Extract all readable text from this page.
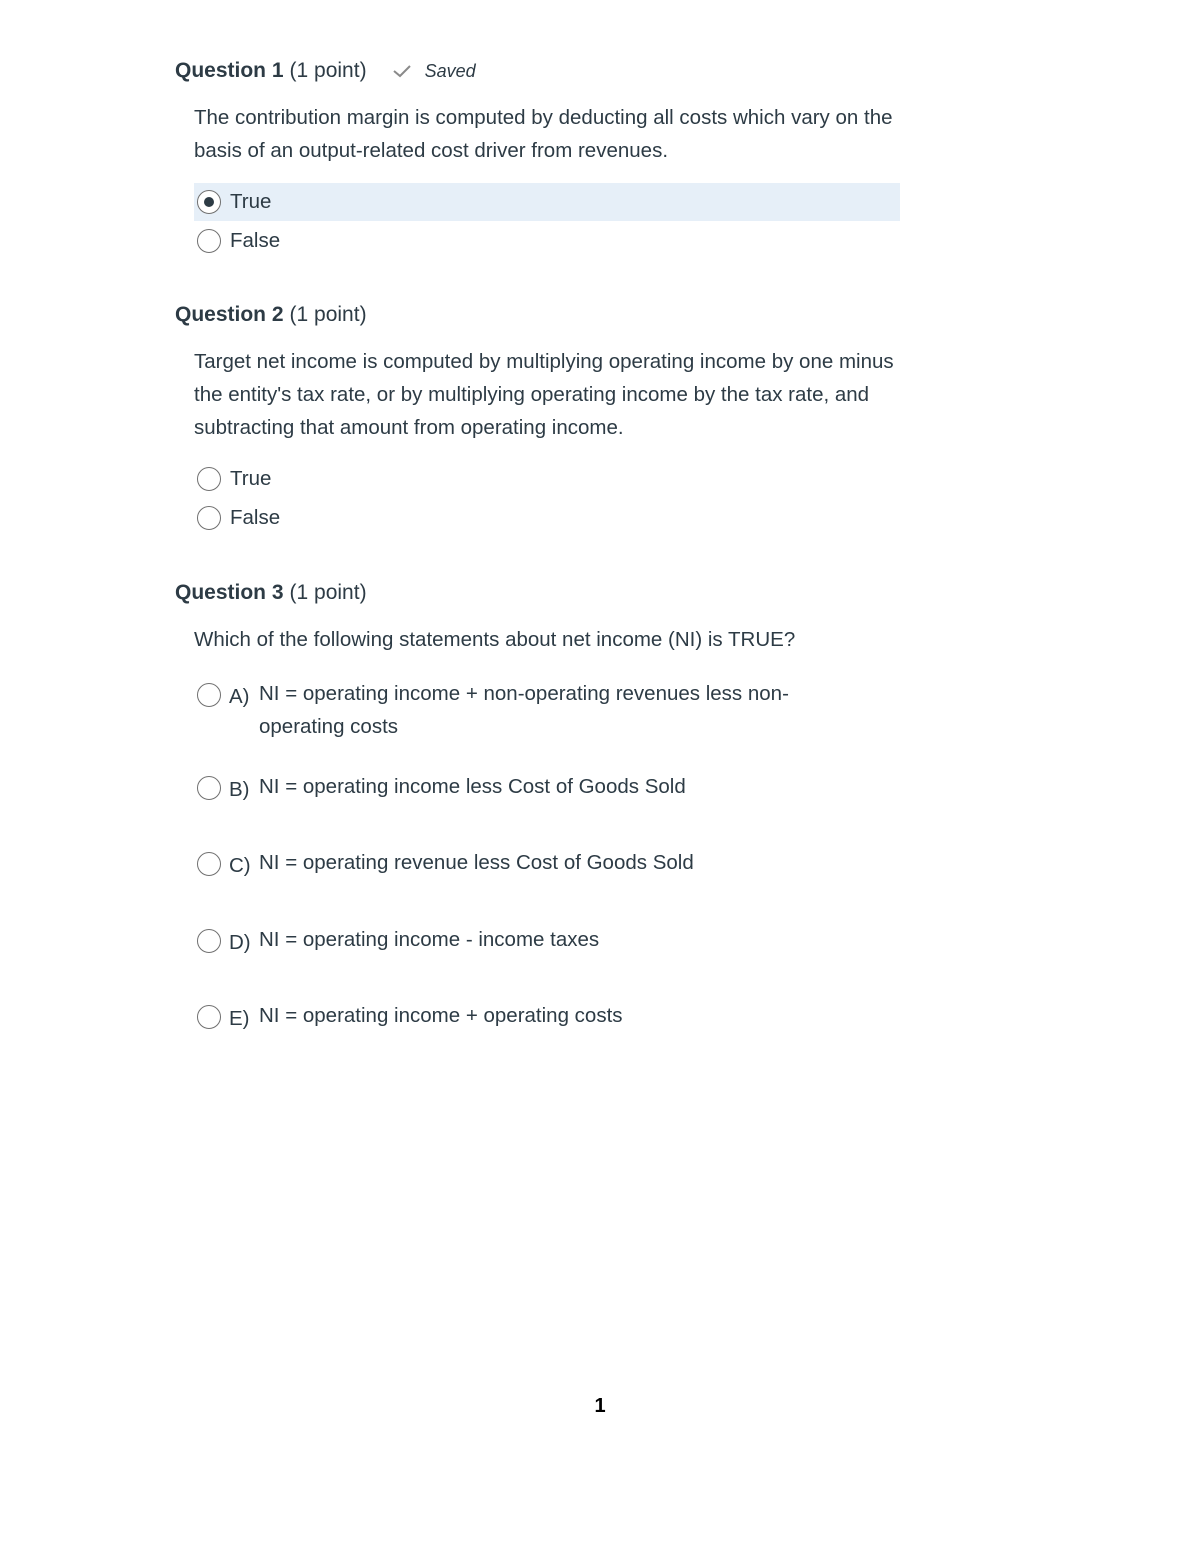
Question 1 (1 point)	Saved
The contribution margin is computed by deducting all costs which vary on the basis of an output-related cost driver from revenues.
True
False
Question 2 (1 point)
Target net income is computed by multiplying operating income by one minus the entity's tax rate, or by multiplying operating income by the tax rate, and subtracting that amount from operating income.
True
False
Question 3 (1 point)
Which of the following statements about net income (NI) is TRUE?
A) NI = operating income + non-operating revenues less non-operating costs
B) NI = operating income less Cost of Goods Sold
C) NI = operating revenue less Cost of Goods Sold
D) NI = operating income - income taxes
E) NI = operating income + operating costs
1
